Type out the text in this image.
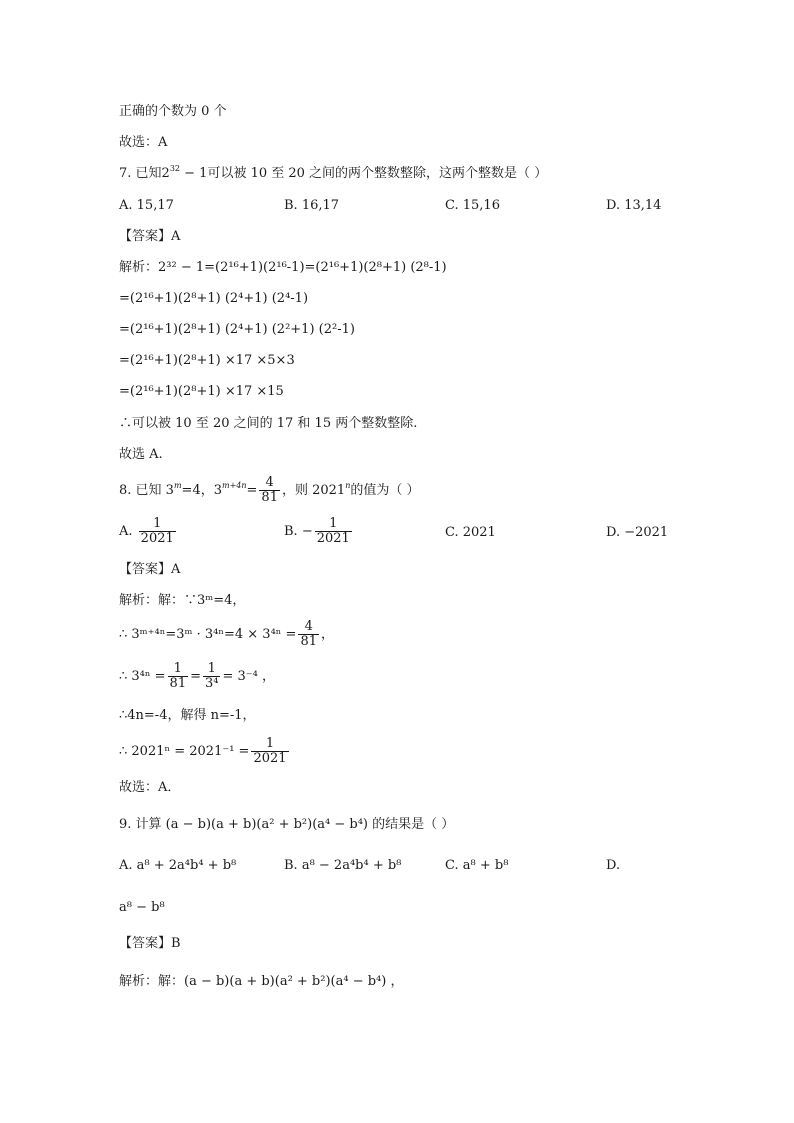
正确的个数为 0 个
故选：A
7. 已知$2^{32} - 1$可以被 10 至 20 之间的两个整数整除，这两个整数是（ ）
A. 15,17	B. 16,17	C. 15,16	D. 13,14
【答案】A
解析：2³² − 1=(2¹⁶+1)(2¹⁶-1)=(2¹⁶+1)(2⁸+1) (2⁸-1)
=(2¹⁶+1)(2⁸+1) (2⁴+1) (2⁴-1)
=(2¹⁶+1)(2⁸+1) (2⁴+1) (2²+1) (2²-1)
=(2¹⁶+1)(2⁸+1) ×17 ×5×3
=(2¹⁶+1)(2⁸+1) ×17 ×15
∴可以被 10 至 20 之间的 17 和 15 两个整数整除.
故选 A.
8. 已知 $3^m=4$，$3^{m+4n}= \frac{4}{81}$ ，则 2021$^n$的值为（ ）
A. $\frac{1}{2021}$	B. − $\frac{1}{2021}$	C. 2021	D. −2021
【答案】A
解析：解：∵3ᵐ=4，
∴ 3ᵐ⁺⁴ⁿ=3ᵐ · $3^{4n}=4 \times 3^{4n} = \frac{4}{81}$ ，
∴ $3^{4n} = \frac{1}{81} = \frac{1}{\text{3⁴}} = 3^{-4}$ ，
∴4n=-4，解得 n=-1，
∴ $2021^n = 2021^{-1} = \frac{1}{2021}$
故选：A．
9. 计算 (a − b)(a + b)(a² + b²)(a⁴ − b⁴) 的结果是（ ）
A. a⁸ + 2a⁴b⁴ + b⁸	B. a⁸ − 2a⁴b⁴ + b⁸	C. a⁸ + b⁸	D.
a⁸ − b⁸
【答案】B
解析：解：(a − b)(a + b)(a² + b²)(a⁴ − b⁴) ，
